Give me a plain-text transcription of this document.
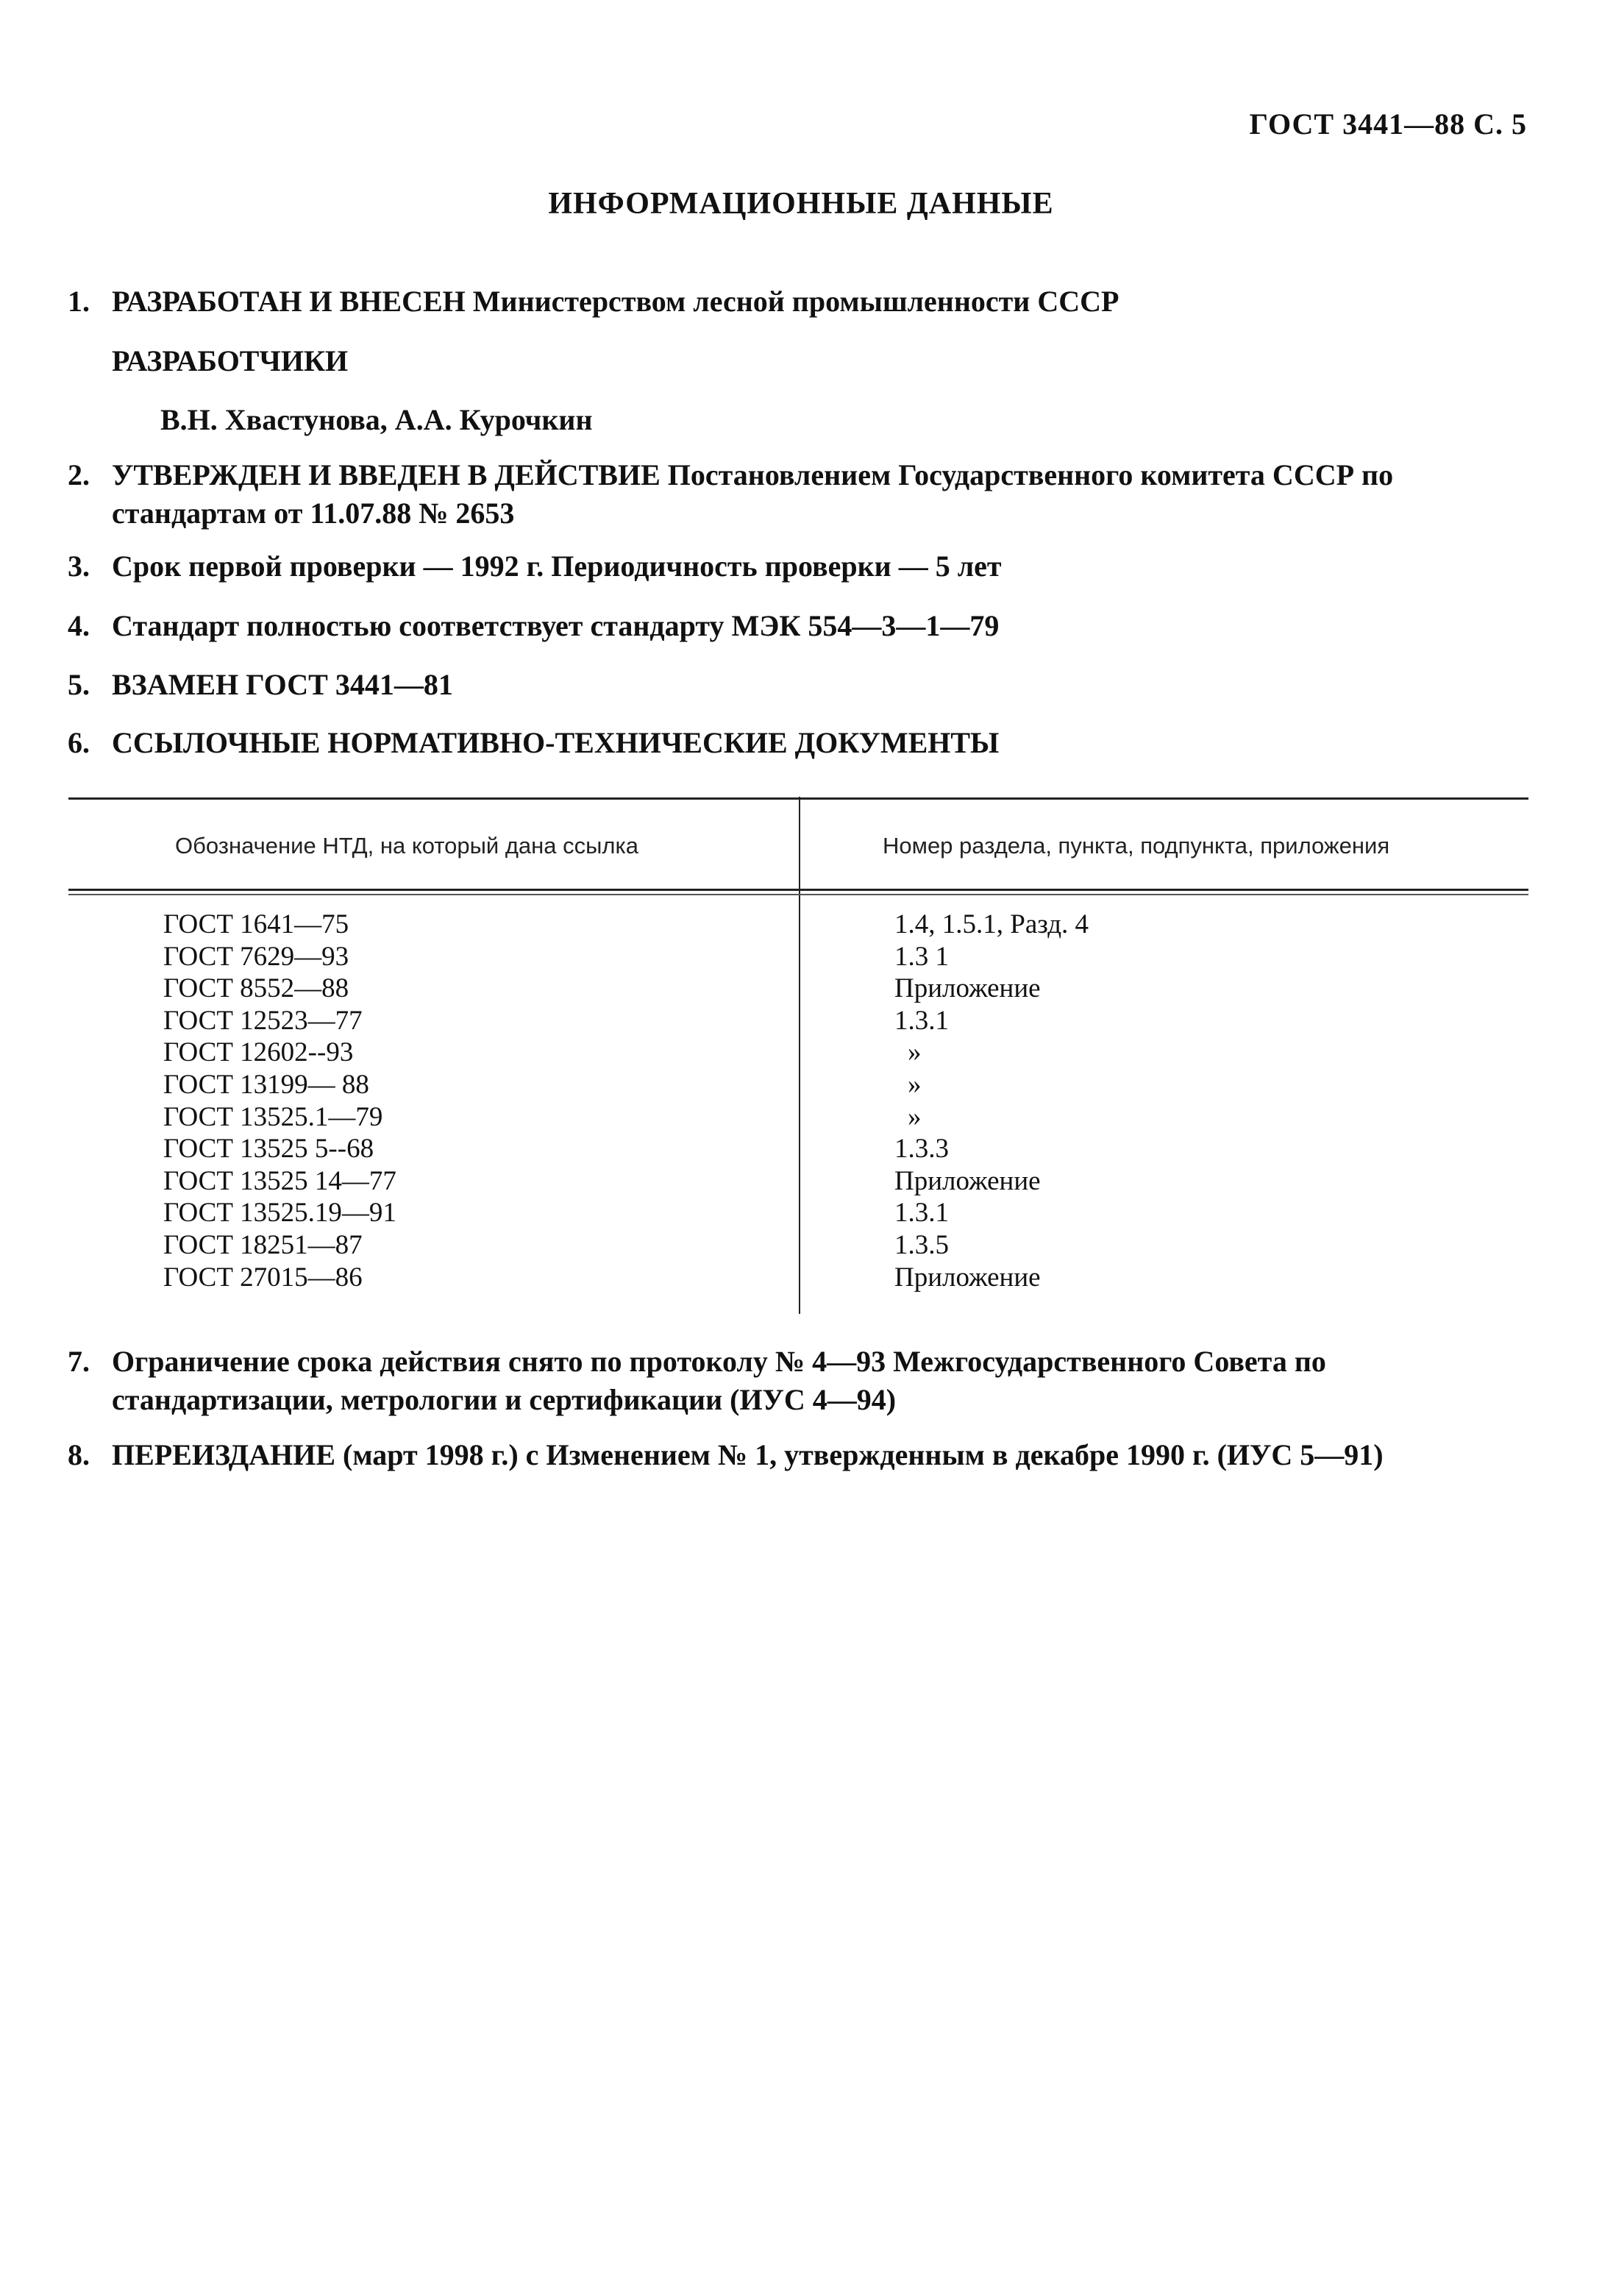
ГОСТ 3441—88 С. 5
ИНФОРМАЦИОННЫЕ ДАННЫЕ
1. РАЗРАБОТАН И ВНЕСЕН Министерством лесной промышленности СССР
РАЗРАБОТЧИКИ
В.Н. Хвастунова, А.А. Курочкин
2. УТВЕРЖДЕН И ВВЕДЕН В ДЕЙСТВИЕ Постановлением Государственного комитета СССР по стандартам от 11.07.88 № 2653
3. Срок первой проверки — 1992 г. Периодичность проверки — 5 лет
4. Стандарт полностью соответствует стандарту МЭК 554—3—1—79
5. ВЗАМЕН ГОСТ 3441—81
6. ССЫЛОЧНЫЕ НОРМАТИВНО-ТЕХНИЧЕСКИЕ ДОКУМЕНТЫ
Обозначение НТД, на который дана ссылка	Номер раздела, пункта, подпункта, приложения
ГОСТ 1641—75
ГОСТ 7629—93
ГОСТ 8552—88
ГОСТ 12523—77
ГОСТ 12602--93
ГОСТ 13199— 88
ГОСТ 13525.1—79
ГОСТ 13525 5--68
ГОСТ 13525 14—77
ГОСТ 13525.19—91
ГОСТ 18251—87
ГОСТ 27015—86
1.4, 1.5.1, Разд. 4
1.3 1
Приложение
1.3.1
»
»
»
1.3.3
Приложение
1.3.1
1.3.5
Приложение
7. Ограничение срока действия снято по протоколу № 4—93 Межгосударственного Совета по стандартизации, метрологии и сертификации (ИУС 4—94)
8. ПЕРЕИЗДАНИЕ (март 1998 г.) с Изменением № 1, утвержденным в декабре 1990 г. (ИУС 5—91)
